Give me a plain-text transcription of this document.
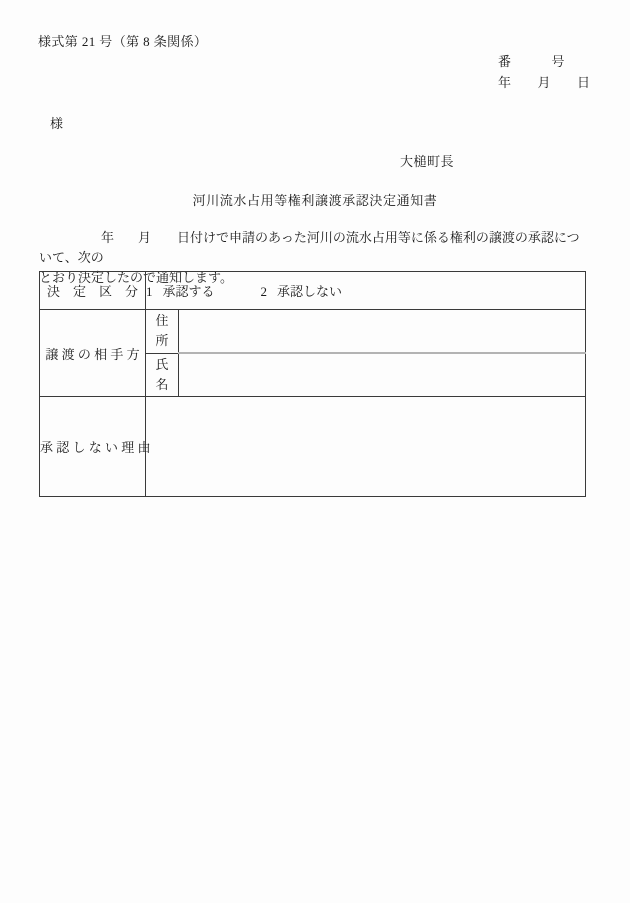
様式第 21 号（第 8 条関係）
番	号
年 月 日
様
大槌町長
河川流水占用等権利譲渡承認決定通知書
年 月 日付けで申請のあった河川の流水占用等に係る権利の譲渡の承認について、次の
とおり決定したので通知します。
決　定　区　分	1 承認する 2 承認しない	
譲 渡 の 相 手 方	住
所	

	氏
名	

承 認 し な い 理 由		
